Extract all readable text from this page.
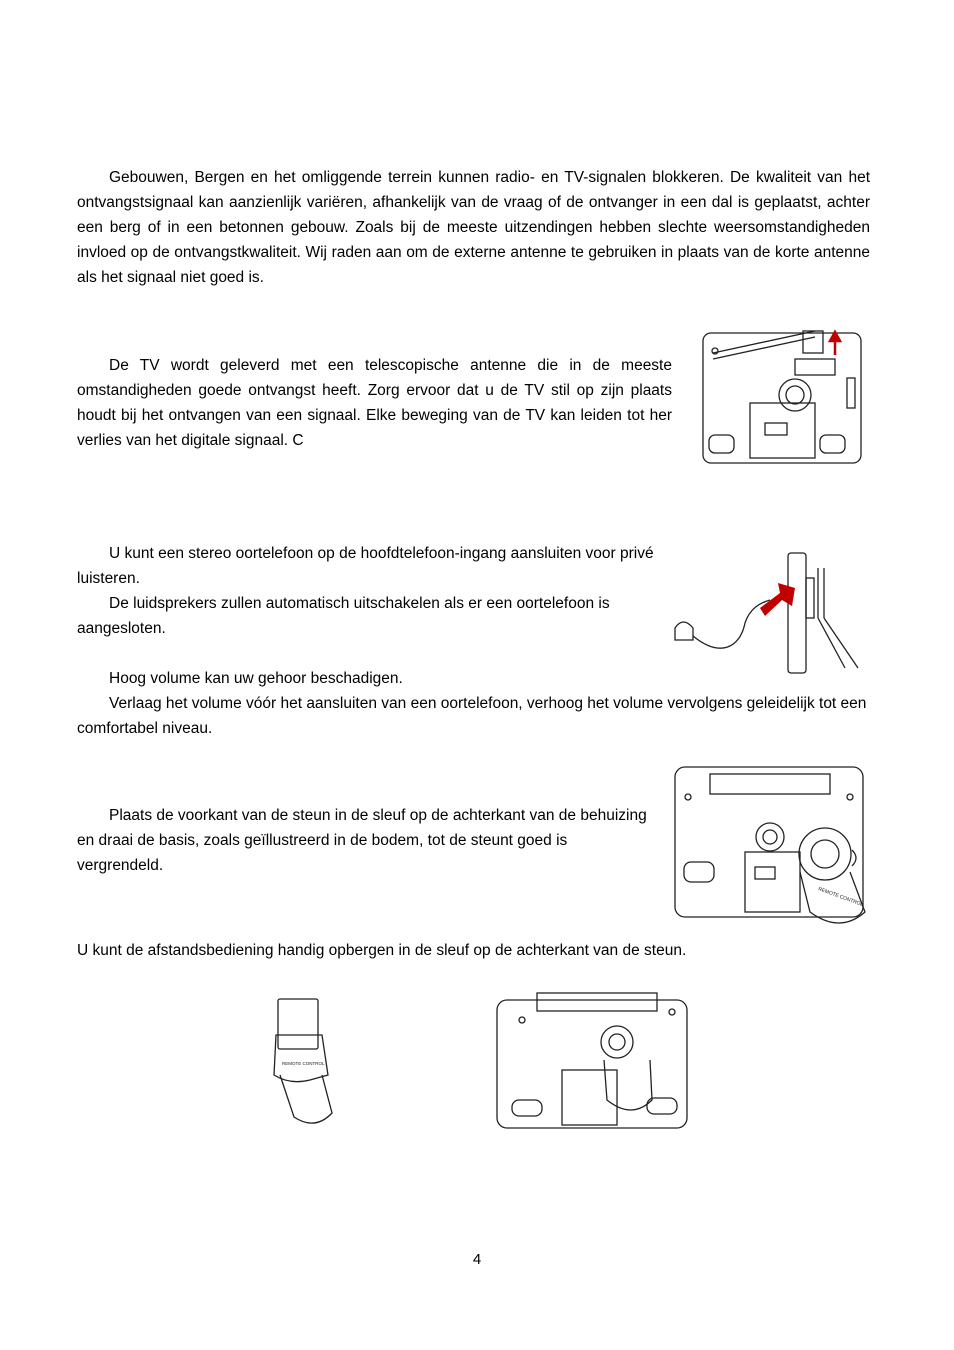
Gebouwen, Bergen en het omliggende terrein kunnen radio- en TV-signalen blokkeren. De kwaliteit van het ontvangstsignaal kan aanzienlijk variëren, afhankelijk van de vraag of de ontvanger in een dal is geplaatst, achter een berg of in een betonnen gebouw. Zoals bij de meeste uitzendingen hebben slechte weersomstandigheden invloed op de ontvangstkwaliteit. Wij raden aan om de externe antenne te gebruiken in plaats van de korte antenne als het signaal niet goed is.

De TV wordt geleverd met een telescopische antenne die in de meeste omstandigheden goede ontvangst heeft. Zorg ervoor dat u de TV stil op zijn plaats houdt bij het ontvangen van een signaal. Elke beweging van de TV kan leiden tot her verlies van het digitale signaal. C

U kunt een stereo oortelefoon op de hoofdtelefoon-ingang aansluiten voor privé luisteren.

De luidsprekers zullen automatisch uitschakelen als er een oortelefoon is aangesloten.

Hoog volume kan uw gehoor beschadigen.

Verlaag het volume vóór het aansluiten van een oortelefoon, verhoog het volume vervolgens geleidelijk tot een comfortabel niveau.

Plaats de voorkant van de steun in de sleuf op de achterkant van de behuizing en draai de basis, zoals geïllustreerd in de bodem, tot de steunt goed is vergrendeld.

REMOTE CONTROL

U kunt de afstandsbediening handig opbergen in de sleuf op de achterkant van de steun.

REMOTE CONTROL
4
